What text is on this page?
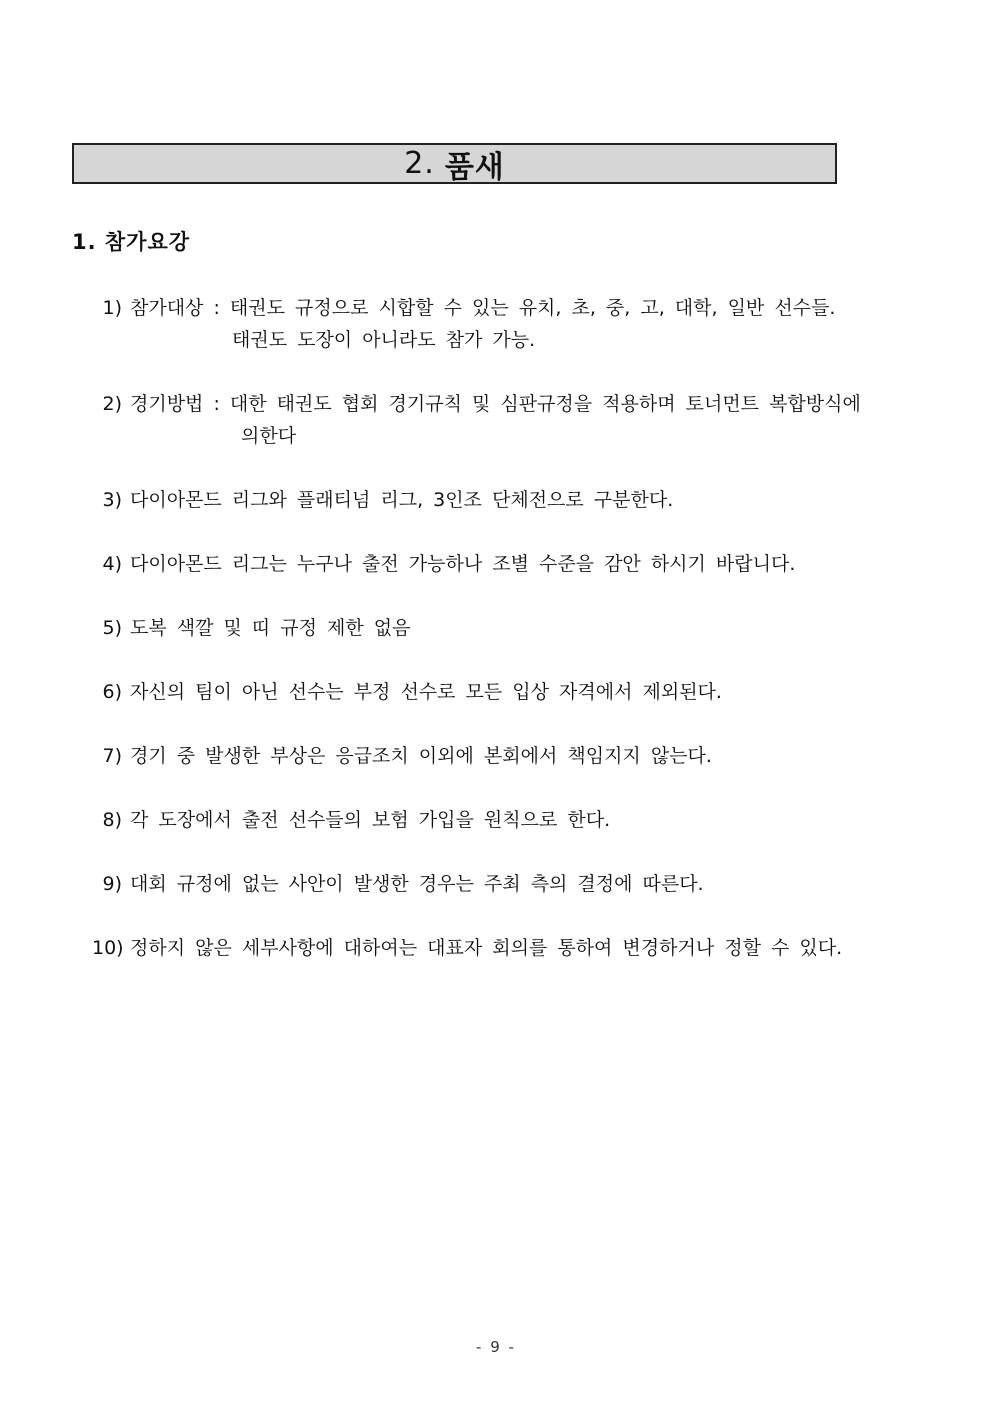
2. 품새
1. 참가요강
1) 참가대상 : 태권도 규정으로 시합할 수 있는 유치, 초, 중, 고, 대학, 일반 선수들.
태권도 도장이 아니라도 참가 가능.
2) 경기방법 : 대한 태권도 협회 경기규칙 및 심판규정을 적용하며 토너먼트 복합방식에
의한다
3) 다이아몬드 리그와 플래티넘 리그, 3인조 단체전으로 구분한다.
4) 다이아몬드 리그는 누구나 출전 가능하나 조별 수준을 감안 하시기 바랍니다.
5) 도복 색깔 및 띠 규정 제한 없음
6) 자신의 팀이 아닌 선수는 부정 선수로 모든 입상 자격에서 제외된다.
7) 경기 중 발생한 부상은 응급조치 이외에 본회에서 책임지지 않는다.
8) 각 도장에서 출전 선수들의 보험 가입을 원칙으로 한다.
9) 대회 규정에 없는 사안이 발생한 경우는 주최 측의 결정에 따른다.
10) 정하지 않은 세부사항에 대하여는 대표자 회의를 통하여 변경하거나 정할 수 있다.
- 9 -
